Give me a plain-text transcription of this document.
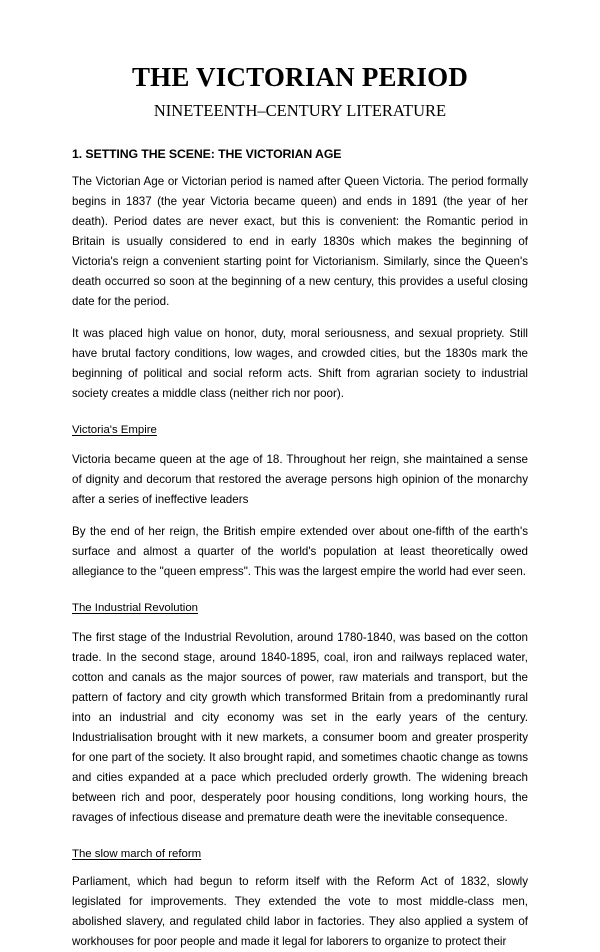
THE VICTORIAN PERIOD
NINETEENTH–CENTURY LITERATURE
1. SETTING THE SCENE: THE VICTORIAN AGE

The Victorian Age or Victorian period is named after Queen Victoria. The period formally begins in 1837 (the year Victoria became queen) and ends in 1891 (the year of her death). Period dates are never exact, but this is convenient: the Romantic period in Britain is usually considered to end in early 1830s which makes the beginning of Victoria's reign a convenient starting point for Victorianism. Similarly, since the Queen's death occurred so soon at the beginning of a new century, this provides a useful closing date for the period.

It was placed high value on honor, duty, moral seriousness, and sexual propriety. Still have brutal factory conditions, low wages, and crowded cities, but the 1830s mark the beginning of political and social reform acts. Shift from agrarian society to industrial society creates a middle class (neither rich nor poor).

Victoria's Empire

Victoria became queen at the age of 18. Throughout her reign, she maintained a sense of dignity and decorum that restored the average persons high opinion of the monarchy after a series of ineffective leaders

By the end of her reign, the British empire extended over about one-fifth of the earth's surface and almost a quarter of the world's population at least theoretically owed allegiance to the "queen empress". This was the largest empire the world had ever seen.

The Industrial Revolution

The first stage of the Industrial Revolution, around 1780-1840, was based on the cotton trade. In the second stage, around 1840-1895, coal, iron and railways replaced water, cotton and canals as the major sources of power, raw materials and transport, but the pattern of factory and city growth which transformed Britain from a predominantly rural into an industrial and city economy was set in the early years of the century. Industrialisation brought with it new markets, a consumer boom and greater prosperity for one part of the society. It also brought rapid, and sometimes chaotic change as towns and cities expanded at a pace which precluded orderly growth. The widening breach between rich and poor, desperately poor housing conditions, long working hours, the ravages of infectious disease and premature death were the inevitable consequence.

The slow march of reform

Parliament, which had begun to reform itself with the Reform Act of 1832, slowly legislated for improvements. They extended the vote to most middle-class men, abolished slavery, and regulated child labor in factories. They also applied a system of workhouses for poor people and made it legal for laborers to organize to protect their
